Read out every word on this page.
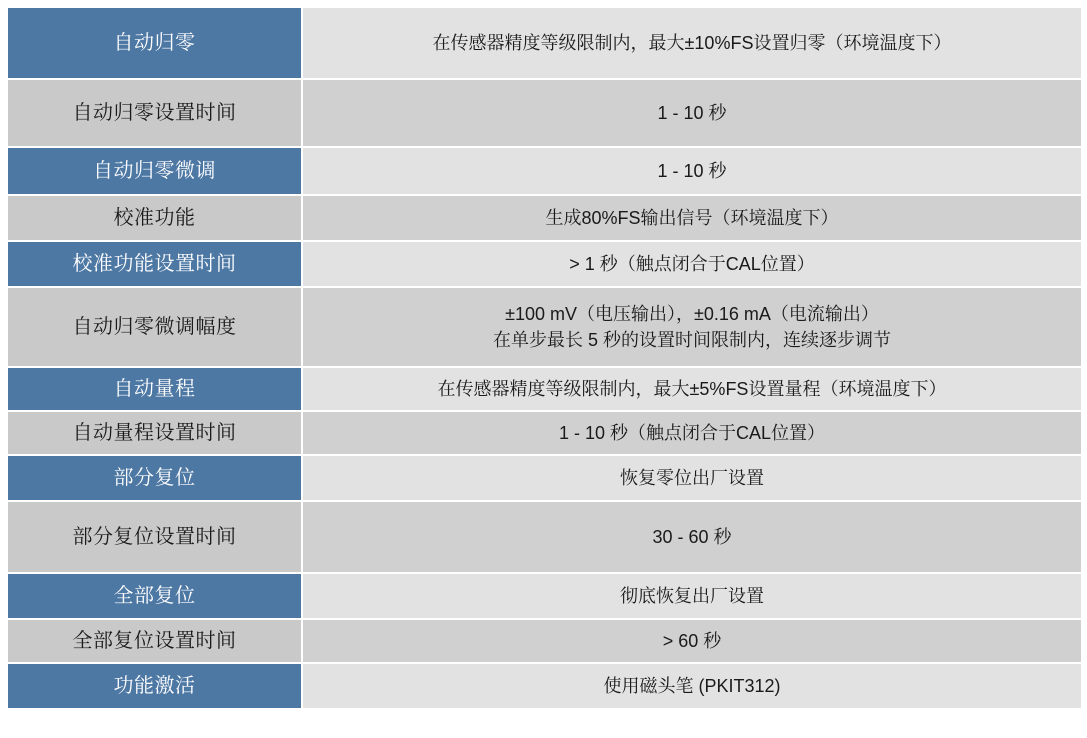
自动归零	在传感器精度等级限制内，最大±10%FS设置归零（环境温度下）

自动归零设置时间	1 - 10 秒

自动归零微调	1 - 10 秒

校准功能	生成80%FS输出信号（环境温度下）

校准功能设置时间	> 1 秒（触点闭合于CAL位置）

自动归零微调幅度	±100 mV（电压输出），±0.16 mA（电流输出）
在单步最长 5 秒的设置时间限制内，连续逐步调节

自动量程	在传感器精度等级限制内，最大±5%FS设置量程（环境温度下）

自动量程设置时间	1 - 10 秒（触点闭合于CAL位置）

部分复位	恢复零位出厂设置

部分复位设置时间	30 - 60 秒

全部复位	彻底恢复出厂设置

全部复位设置时间	> 60 秒

功能激活	使用磁头笔 (PKIT312)
